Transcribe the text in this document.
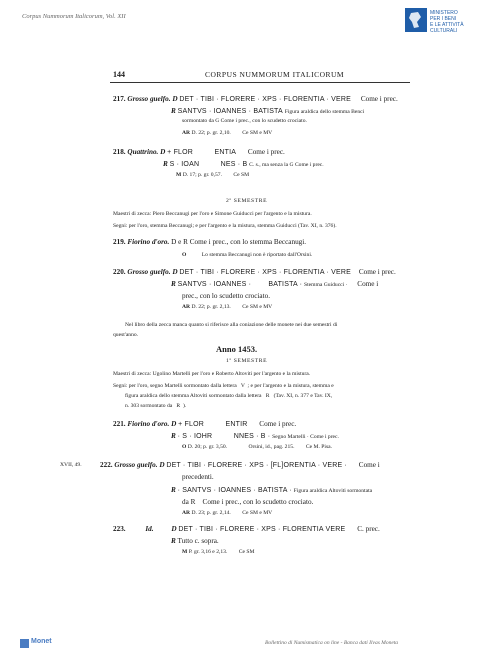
Corpus Nummorum Italicorum, Vol. XII	MINISTERO
PER I BENI
E LE ATTIVITÀ
CULTURALI
144	CORPUS NUMMORUM ITALICORUM
217. Grosso guelfo. D DET · TIBI · FLORERE · XPS · FLORENTIA · VERE Come i prec.
R SANTVS · IOANNES · BATISTA Figura araldica dello stemma Benci
sormontato da G Come i prec., con lo scudetto crociato.
AR D. 22; p. gr. 2,10. Ce SM e MV
218. Quattrino. D + FLOR          ENTIA Come i prec.
R S · IOAN          NES · B C. s., ma senza la G Come i prec.
M D. 17; p. gr. 0,57. Ce SM
2º SEMESTRE
Maestri di zecca: Piero Beccanugi per l'oro e Simone Guiducci per l'argento e la mistura.
Segni: per l'oro, stemma Beccanugi; e per l'argento e la mistura, stemma Guiducci (Tav. XI, n. 376).
219. Fiorino d'oro. D e R Come i prec., con lo stemma Beccanugi.
O	Lo stemma Beccanugi non è riportato dall'Orsini.
220. Grosso guelfo. D DET · TIBI · FLORERE · XPS · FLORENTIA · VERE Come i prec.
R SANTVS · IOANNES ·        BATISTA · Stemma Guiducci · Come i
prec., con lo scudetto crociato.
AR D. 22; p. gr. 2,13. Ce SM e MV
Nel libro della zecca manca quanto si riferisce alla coniazione delle monete nei due semestri di
quest'anno.
Anno 1453.
1º SEMESTRE
Maestri di zecca: Ugolino Martelli per l'oro e Roberto Altoviti per l'argento e la mistura.
Segni: per l'oro, segno Martelli sormontato dalla lettera   V  ; e per l'argento e la mistura, stemma e
figura araldica dello stemma Altoviti sormontato dalla lettera   R   (Tav. XI, n. 377 e Tav. IX,
n. 303 sormontato da   R  ).
221. Fiorino d'oro. D + FLOR          ENTIR Come i prec.
R · S · IOHR          NNES · B · Segno Martelli · Come i prec.
O D. 20; p. gr. 3,50.	Orsini, id., pag. 215. Ce M. Pisa.
XVII, 49.	222. Grosso guelfo. D DET · TIBI · FLORERE · XPS · [FL]ORENTIA · VERE · Come i
precedenti.
R · SANTVS · IOANNES · BATISTA · Figura araldica Altoviti sormontata
da R    Come i prec., con lo scudetto crociato.
AR D. 23; p. gr. 2,14. Ce SM e MV
223.	Id. D DET · TIBI · FLORERE · XPS · FLORENTIA VERE C. prec.
R Tutto c. sopra.
M P. gr. 3,16 e 2,13. Ce SM
Monet	Bollettino di Numismatica on line - Banca dati Ilvas Moneta
